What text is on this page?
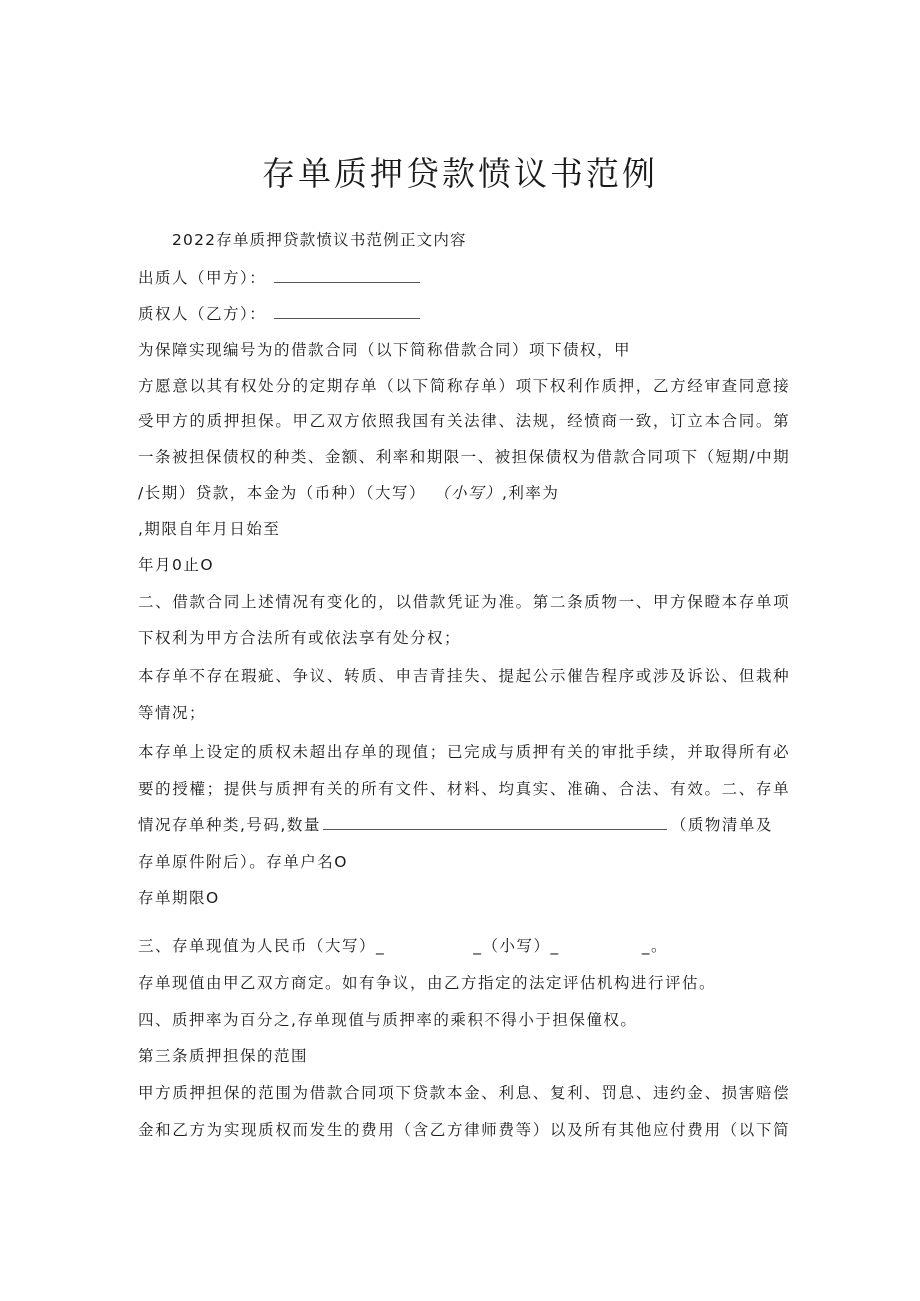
存单质押贷款愤议书范例
2022存单质押贷款愤议书范例正文内容
出质人（甲方）：
质权人（乙方）：
为保障实现编号为的借款合同（以下简称借款合同）项下债权，甲
方愿意以其有权处分的定期存单（以下简称存单）项下权利作质押，乙方经审查同意接
受甲方的质押担保。甲乙双方依照我国有关法律、法规，经愤商一致，订立本合同。第
一条被担保债权的种类、金额、利率和期限一、被担保债权为借款合同项下（短期/中期
/长期）贷款，本金为（币种）（大写） （小写）,利率为
,期限自年月日始至
年月0止O
二、借款合同上述情况有变化的，以借款凭证为准。第二条质物一、甲方保瞪本存单项
下权利为甲方合法所有或依法享有处分权；
本存单不存在瑕疵、争议、转质、申吉青挂失、提起公示催告程序或涉及诉讼、但栽种
等情况；
本存单上设定的质权未超出存单的现值；已完成与质押有关的审批手续，并取得所有必
要的授權；提供与质押有关的所有文件、材料、均真实、准确、合法、有效。二、存单
情况存单种类,号码,数量	（质物清单及
存单原件附后）。存单户名O
存单期限O
三、存单现值为人民币（大写）_	_（小写）_	_。
存单现值由甲乙双方商定。如有争议，由乙方指定的法定评估机构进行评估。
四、质押率为百分之,存单现值与质押率的乘积不得小于担保僮权。
第三条质押担保的范围
甲方质押担保的范围为借款合同项下贷款本金、利息、复利、罚息、违约金、损害赔偿
金和乙方为实现质权而发生的费用（含乙方律师费等）以及所有其他应付费用（以下简
